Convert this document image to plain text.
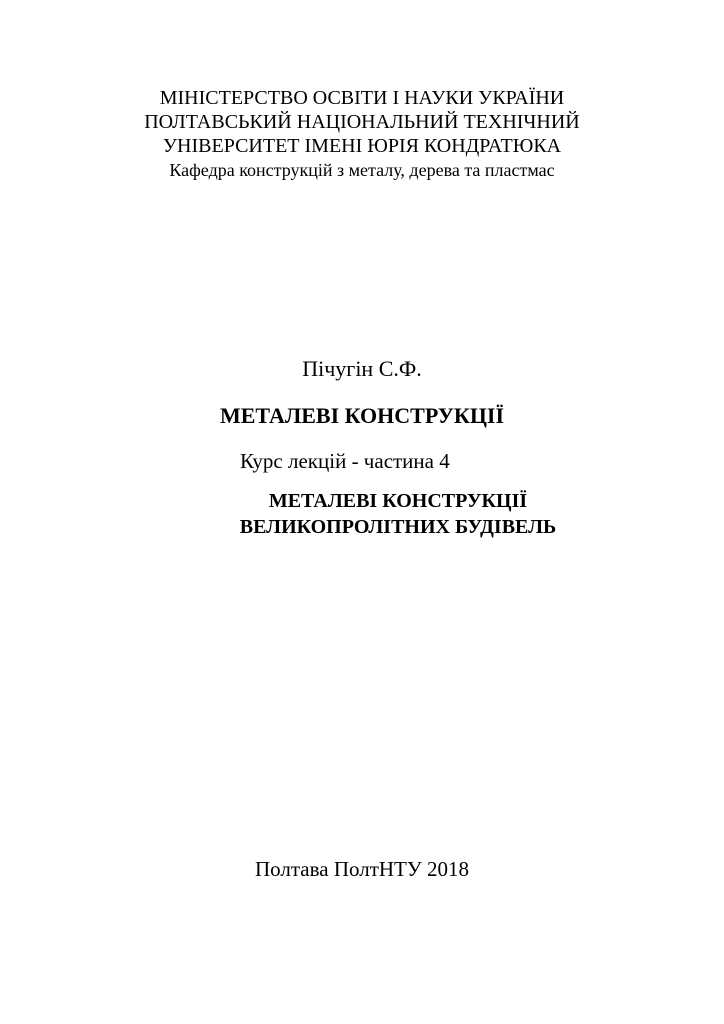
МІНІСТЕРСТВО ОСВІТИ І НАУКИ УКРАЇНИ
ПОЛТАВСЬКИЙ НАЦІОНАЛЬНИЙ ТЕХНІЧНИЙ
УНІВЕРСИТЕТ ІМЕНІ ЮРІЯ КОНДРАТЮКА
Кафедра конструкцій з металу, дерева та пластмас
Пічугін С.Ф.
МЕТАЛЕВІ КОНСТРУКЦІЇ
Курс лекцій - частина 4
МЕТАЛЕВІ КОНСТРУКЦІЇ
ВЕЛИКОПРОЛІТНИХ БУДІВЕЛЬ
Полтава ПолтНТУ 2018
